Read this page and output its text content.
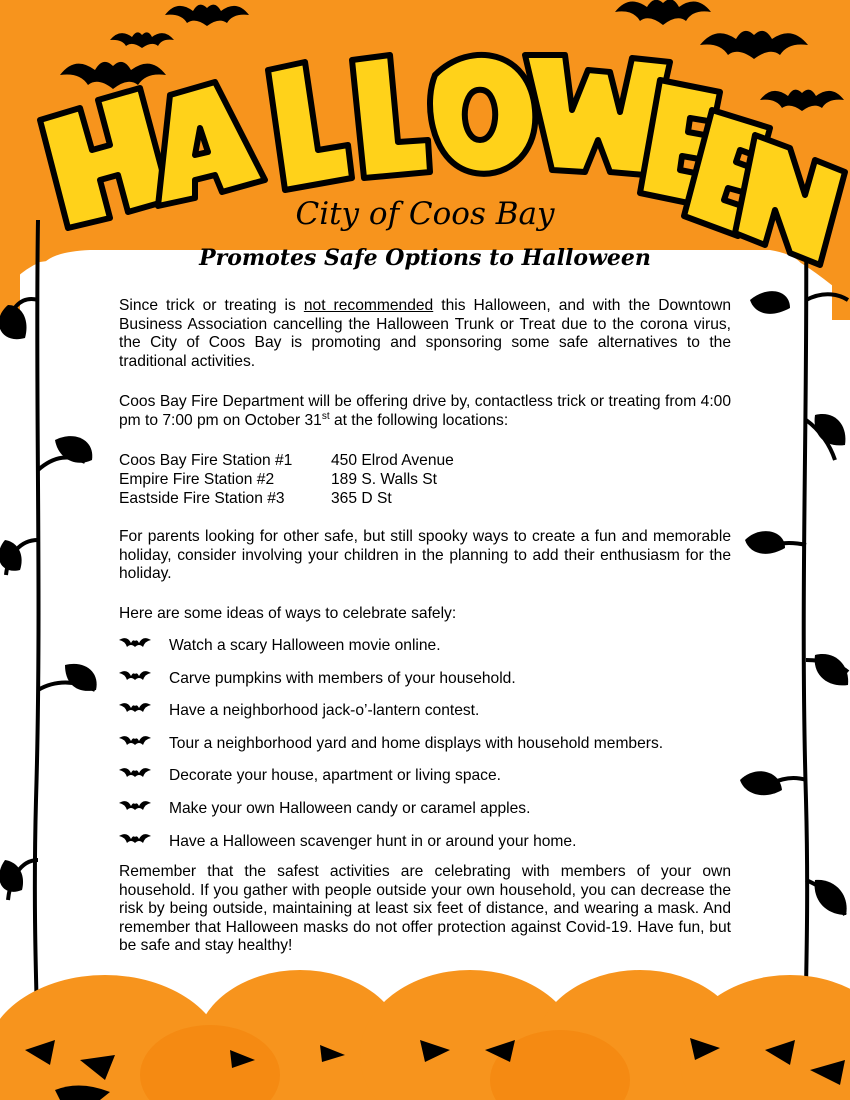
City of Coos Bay
Promotes Safe Options to Halloween

Since trick or treating is not recommended this Halloween, and with the Downtown Business Association cancelling the Halloween Trunk or Treat due to the corona virus, the City of Coos Bay is promoting and sponsoring some safe alternatives to the traditional activities.

Coos Bay Fire Department will be offering drive by, contactless trick or treating from 4:00 pm to 7:00 pm on October 31st at the following locations:

Coos Bay Fire Station #1 450 Elrod Avenue
Empire Fire Station #2	189 S. Walls St
Eastside Fire Station #3	365 D St

For parents looking for other safe, but still spooky ways to create a fun and memorable holiday, consider involving your children in the planning to add their enthusiasm for the holiday.

Here are some ideas of ways to celebrate safely:

Watch a scary Halloween movie online.
Carve pumpkins with members of your household.
Have a neighborhood jack-o’-lantern contest.
Tour a neighborhood yard and home displays with household members.
Decorate your house, apartment or living space.
Make your own Halloween candy or caramel apples.
Have a Halloween scavenger hunt in or around your home.

Remember that the safest activities are celebrating with members of your own household. If you gather with people outside your own household, you can decrease the risk by being outside, maintaining at least six feet of distance, and wearing a mask. And remember that Halloween masks do not offer protection against Covid-19. Have fun, but be safe and stay healthy!
